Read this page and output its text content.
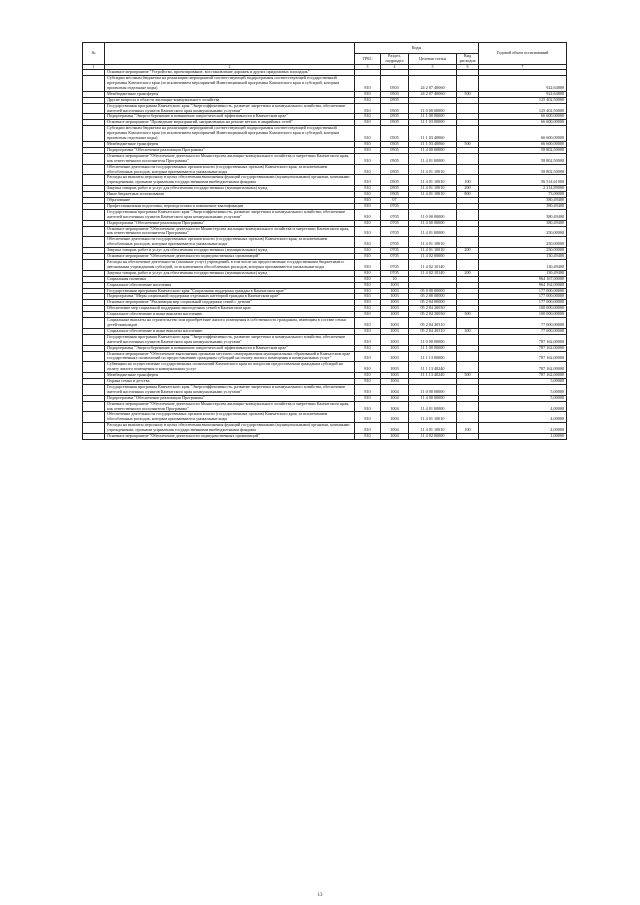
№		Коды				Годовой объем ассигнований
		ГРБС	Раздел, подраздел	Целевая статья	Вид расходов	
1	2	3	4	5	6	7
	Основное мероприятие "Устройство, проектирование, восстановление дорожек и других придомовых площадок"					
	Субсидии местным бюджетам на реализацию мероприятий соответствующей подпрограммы соответствующей государственной программы Камчатского края (за исключением мероприятий Инвестиционной программы Камчатского края и субсидий, которым присвоены отдельные коды)	810	0503	24 2 07 40060		922,64800
	Межбюджетные трансферты	810	0503	24 2 07 40060	500	922,64800
	Другие вопросы в области жилищно-коммунального хозяйства	810	0505			125 402,50000
	Государственная программа Камчатского края "Энергоэффективность, развитие энергетики и коммунального хозяйства, обеспечение жителей населенных пунктов Камчатского края коммунальными услугами"	810	0505	11 0 00 00000		125 402,50000
	Подпрограмма "Энергосбережение и повышение энергетической эффективности в Камчатском крае"	810	0505	11 1 00 00000		66 600,00000
	Основное мероприятие "Проведение мероприятий, направленных на ремонт ветхих и аварийных сетей"	810	0505	11 1 03 00000		66 600,00000
	Субсидии местным бюджетам на реализацию мероприятий соответствующей подпрограммы соответствующей государственной программы Камчатского края (за исключением мероприятий Инвестиционной программы Камчатского края и субсидий, которым присвоены отдельные коды)	810	0505	11 1 03 40060		66 600,00000
	Межбюджетные трансферты	810	0505	11 1 03 40060	500	66 600,00000
	Подпрограмма "Обеспечение реализации Программы"	810	0505	11 4 00 00000		58 802,50000
	Основное мероприятие "Обеспечение деятельности Министерства жилищно-коммунального хозяйства и энергетики Камчатского края, как ответственного исполнителя Программы"	810	0505	11 4 01 00000		58 802,50000
	Обеспечение деятельности государственных органов власти (государственных органов) Камчатского края, за исключением обособленных расходов, которым присваиваются уникальные коды	810	0505	11 4 01 10010		58 802,50000
	Расходы на выплаты персоналу в целях обеспечения выполнения функций государственными (муниципальными) органами, казенными учреждениями, органами управления государственными внебюджетными фондами	810	0505	11 4 01 10010	100	56 514,61000
	Закупка товаров, работ и услуг для обеспечения государственных (муниципальных) нужд	810	0505	11 4 01 10010	200	2 214,89000
	Иные бюджетные ассигнования	810	0505	11 4 01 10010	800	73,00000
	Образование	810	07			380,49400
	Профессиональная подготовка, переподготовка и повышение квалификации	810	0705			380,49400
	Государственная программа Камчатского края "Энергоэффективность, развитие энергетики и коммунального хозяйства, обеспечение жителей населенных пунктов Камчатского края коммунальными услугами"	810	0705	11 0 00 00000		380,49400
	Подпрограмма "Обеспечение реализации Программы"	810	0705	11 4 00 00000		380,49400
	Основное мероприятие "Обеспечение деятельности Министерства жилищно-коммунального хозяйства и энергетики Камчатского края, как ответственного исполнителя Программы"	810	0705	11 4 01 00000		250,00000
	Обеспечение деятельности государственных органов власти (государственных органов) Камчатского края, за исключением обособленных расходов, которым присваиваются уникальные коды	810	0705	11 4 01 10010		250,00000
	Закупка товаров, работ и услуг для обеспечения государственных (муниципальных) нужд	810	0705	11 4 01 10010	200	250,00000
	Основное мероприятие "Обеспечение деятельности подведомственных организаций"	810	0705	11 4 02 00000		130,49400
	Расходы на обеспечение деятельности (оказание услуг) учреждений, в том числе на предоставление государственным бюджетным и автономным учреждениям субсидий, за исключением обособленных расходов, которым присваиваются уникальные коды	810	0705	11 4 02 10140		130,49400
	Закупка товаров, работ и услуг для обеспечения государственных (муниципальных) нужд	810	0705	11 4 02 10140	200	130,49400
	Социальная политика	810	10			964 167,00000
	Социальное обеспечение населения	810	1003			964 162,00000
	Государственная программа Камчатского края "Социальная поддержка граждан в Камчатском крае"	810	1003	05 0 00 00000		177 000,00000
	Подпрограмма "Меры социальной поддержки отдельных категорий граждан в Камчатском крае"	810	1003	05 2 00 00000		177 000,00000
	Основное мероприятие "Реализация мер социальной поддержки семей с детьми"	810	1003	05 2 04 00000		177 000,00000
	Обеспечение мер социальной поддержки многодетных семей в Камчатском крае	810	1003	05 2 04 20030		100 000,00000
	Социальное обеспечение и иные выплаты населению	810	1003	05 2 04 20030	300	100 000,00000
	Социальные выплаты на строительство или приобретение жилого помещения в собственность гражданам, имеющим в составе семьи детей-инвалидов	810	1003	05 2 04 20310		77 000,00000
	Социальное обеспечение и иные выплаты населению	810	1003	05 2 04 20310	300	77 000,00000
	Государственная программа Камчатского края "Энергоэффективность, развитие энергетики и коммунального хозяйства, обеспечение жителей населенных пунктов Камчатского края коммунальными услугами"	810	1003	11 0 00 00000		787 162,00000
	Подпрограмма "Энергосбережение и повышение энергетической эффективности в Камчатском крае"	810	1003	11 1 00 00000		787 162,00000
	Основное мероприятие "Обеспечение выполнения органами местного самоуправления муниципальных образований в Камчатском крае государственных полномочий по предоставлению гражданам субсидий на оплату жилого помещения и коммунальных услуг"	810	1003	11 1 13 00000		787 162,00000
	Субвенции на осуществление государственных полномочий Камчатского края по вопросам предоставления гражданам субсидий на оплату жилого помещения и коммунальных услуг	810	1003	11 1 13 40240		787 162,00000
	Межбюджетные трансферты	810	1003	11 1 13 40240	500	787 162,00000
	Охрана семьи и детства	810	1004			5,00000
	Государственная программа Камчатского края "Энергоэффективность, развитие энергетики и коммунального хозяйства, обеспечение жителей населенных пунктов Камчатского края коммунальными услугами"	810	1004	11 0 00 00000		5,00000
	Подпрограмма "Обеспечение реализации Программы"	810	1004	11 4 00 00000		5,00000
	Основное мероприятие "Обеспечение деятельности Министерства жилищно-коммунального хозяйства и энергетики Камчатского края, как ответственного исполнителя Программы"	810	1004	11 4 01 00000		4,00000
	Обеспечение деятельности государственных органов власти (государственных органов) Камчатского края, за исключением обособленных расходов, которым присваиваются уникальные коды	810	1004	11 4 01 10010		4,00000
	Расходы на выплаты персоналу в целях обеспечения выполнения функций государственными (муниципальными) органами, казенными учреждениями, органами управления государственными внебюджетными фондами	810	1004	11 4 01 10010	100	4,00000
	Основное мероприятие "Обеспечение деятельности подведомственных организаций"	810	1004	11 4 02 00000		1,00000
13
